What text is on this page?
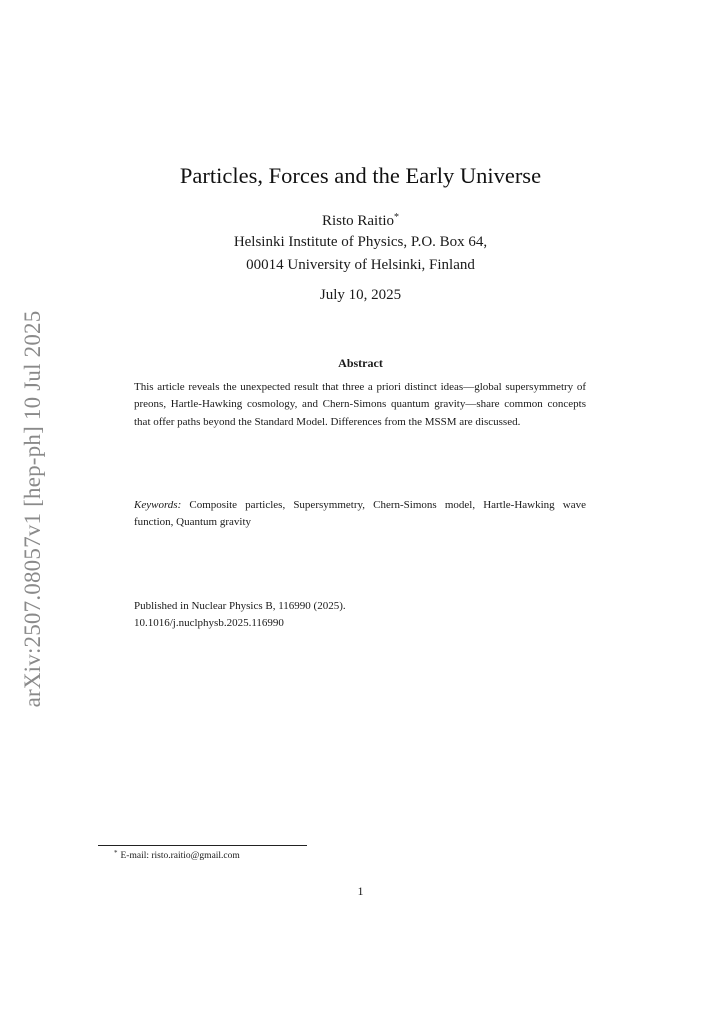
arXiv:2507.08057v1 [hep-ph] 10 Jul 2025
Particles, Forces and the Early Universe
Risto Raitio*
Helsinki Institute of Physics, P.O. Box 64,
00014 University of Helsinki, Finland
July 10, 2025
Abstract
This article reveals the unexpected result that three a priori distinct ideas—global supersymmetry of preons, Hartle-Hawking cosmology, and Chern-Simons quantum gravity—share common concepts that offer paths beyond the Standard Model. Differences from the MSSM are discussed.
Keywords: Composite particles, Supersymmetry, Chern-Simons model, Hartle-Hawking wave function, Quantum gravity
Published in Nuclear Physics B, 116990 (2025).
10.1016/j.nuclphysb.2025.116990
* E-mail: risto.raitio@gmail.com
1
